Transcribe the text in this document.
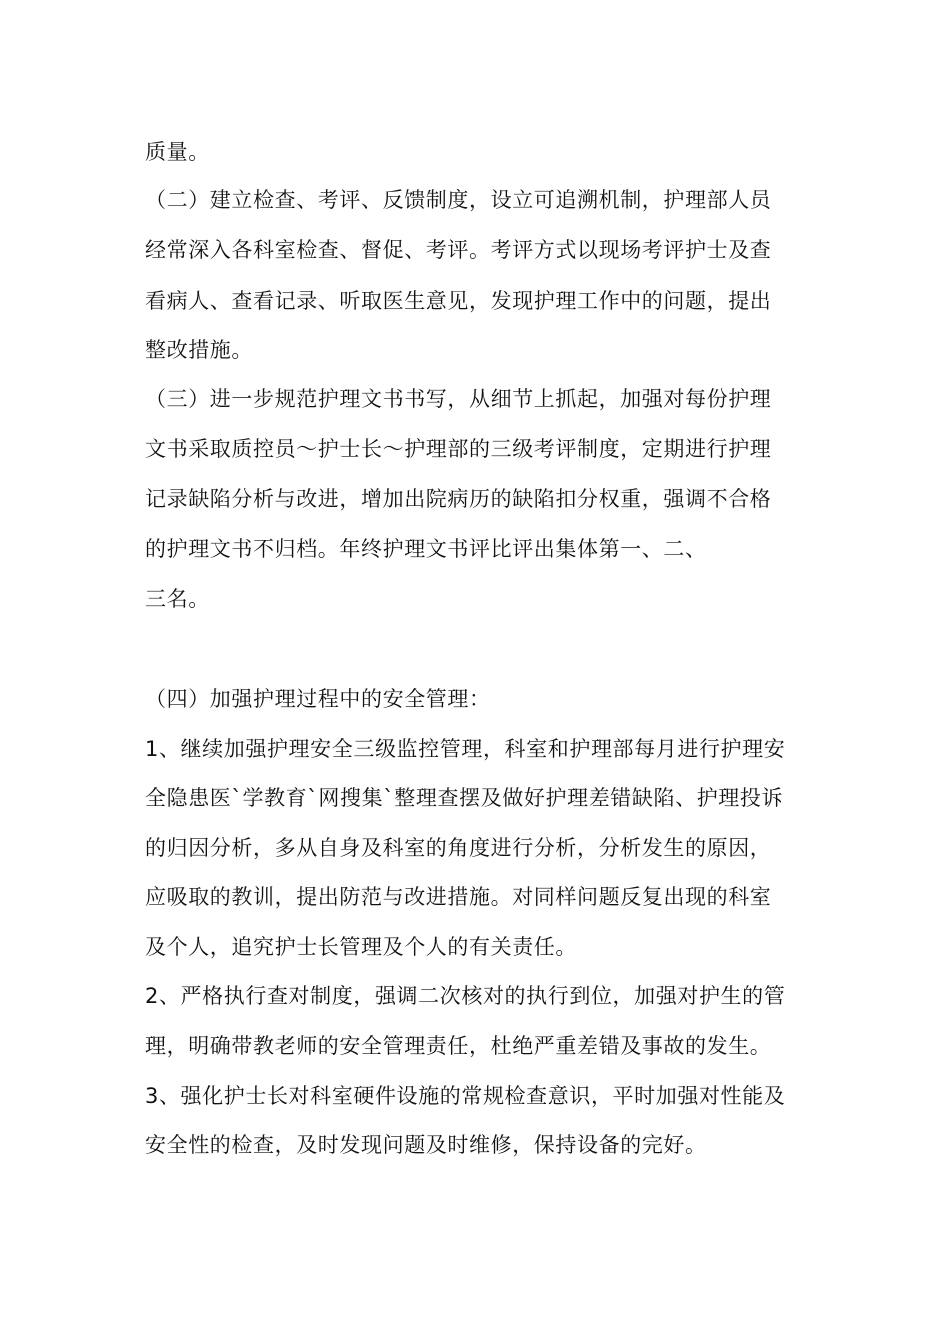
质量。
（二）建立检查、考评、反馈制度，设立可追溯机制，护理部人员
经常深入各科室检查、督促、考评。考评方式以现场考评护士及查
看病人、查看记录、听取医生意见，发现护理工作中的问题，提出
整改措施。
（三）进一步规范护理文书书写，从细节上抓起，加强对每份护理
文书采取质控员～护士长～护理部的三级考评制度，定期进行护理
记录缺陷分析与改进，增加出院病历的缺陷扣分权重，强调不合格
的护理文书不归档。年终护理文书评比评出集体第一、二、
三名。
（四）加强护理过程中的安全管理：
1、继续加强护理安全三级监控管理，科室和护理部每月进行护理安
全隐患医`学教育`网搜集`整理查摆及做好护理差错缺陷、护理投诉
的归因分析，多从自身及科室的角度进行分析，分析发生的原因，
应吸取的教训，提出防范与改进措施。对同样问题反复出现的科室
及个人，追究护士长管理及个人的有关责任。
2、严格执行查对制度，强调二次核对的执行到位，加强对护生的管
理，明确带教老师的安全管理责任，杜绝严重差错及事故的发生。
3、强化护士长对科室硬件设施的常规检查意识，平时加强对性能及
安全性的检查，及时发现问题及时维修，保持设备的完好。
